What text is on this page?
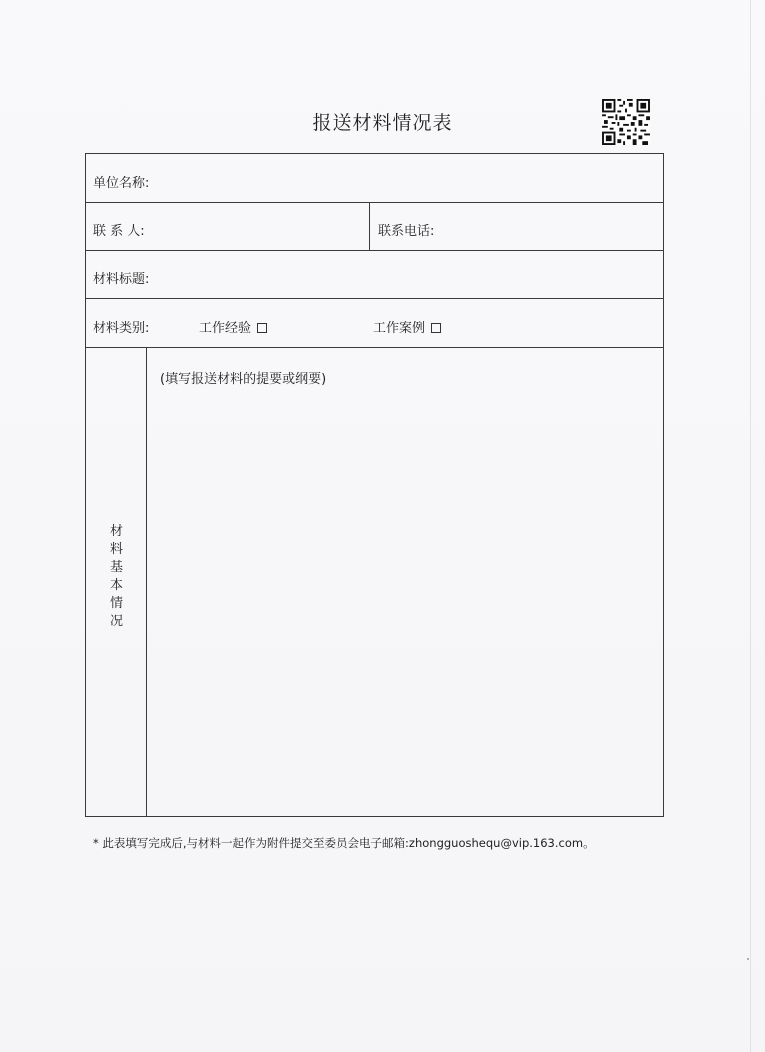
报送材料情况表
单位名称:
联 系 人:	联系电话:
材料标题:
材料类别:	工作经验	工作案例
材
料
基
本
情
况
(填写报送材料的提要或纲要)
* 此表填写完成后,与材料一起作为附件提交至委员会电子邮箱:zhongguoshequ@vip.163.com。
